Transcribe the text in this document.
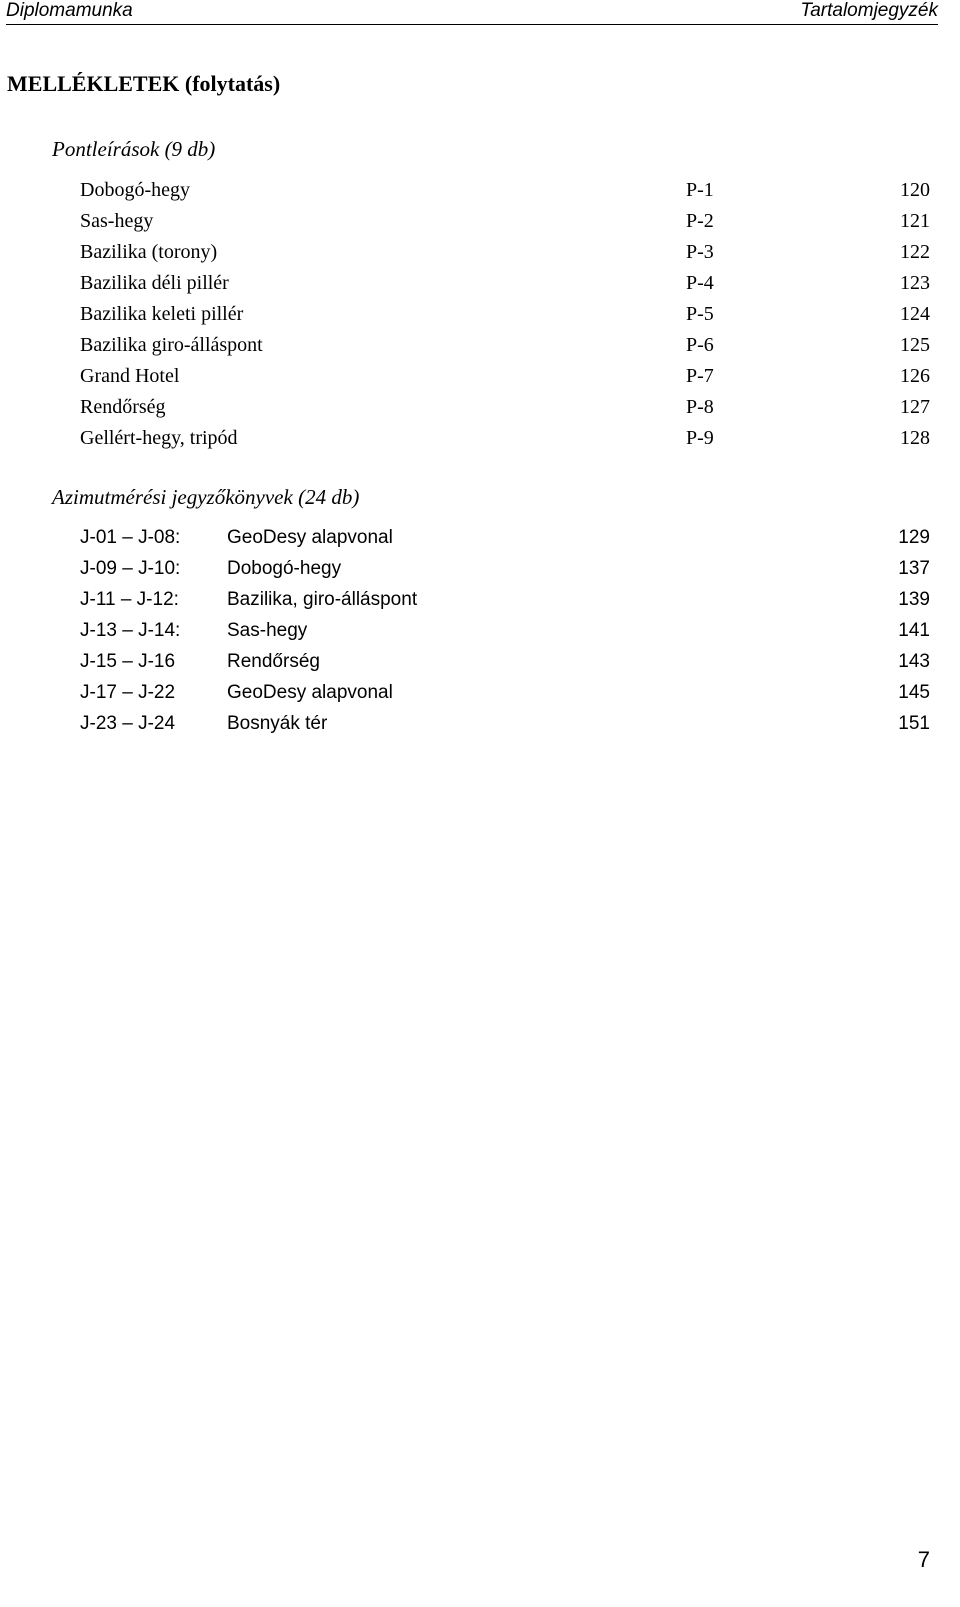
Diplomamunka	Tartalomjegyzék
MELLÉKLETEK (folytatás)
Pontleírások (9 db)
Dobogó-hegy	P-1	120
Sas-hegy	P-2	121
Bazilika (torony)	P-3	122
Bazilika déli pillér	P-4	123
Bazilika keleti pillér	P-5	124
Bazilika giro-álláspont	P-6	125
Grand Hotel	P-7	126
Rendőrség	P-8	127
Gellért-hegy, tripód	P-9	128
Azimutmérési jegyzőkönyvek (24 db)
J-01 – J-08: GeoDesy alapvonal	129
J-09 – J-10: Dobogó-hegy	137
J-11 – J-12:	Bazilika, giro-álláspont	139
J-13 – J-14: Sas-hegy	141
J-15 – J-16	Rendőrség	143
J-17 – J-22	GeoDesy alapvonal	145
J-23 – J-24	Bosnyák tér	151
7
